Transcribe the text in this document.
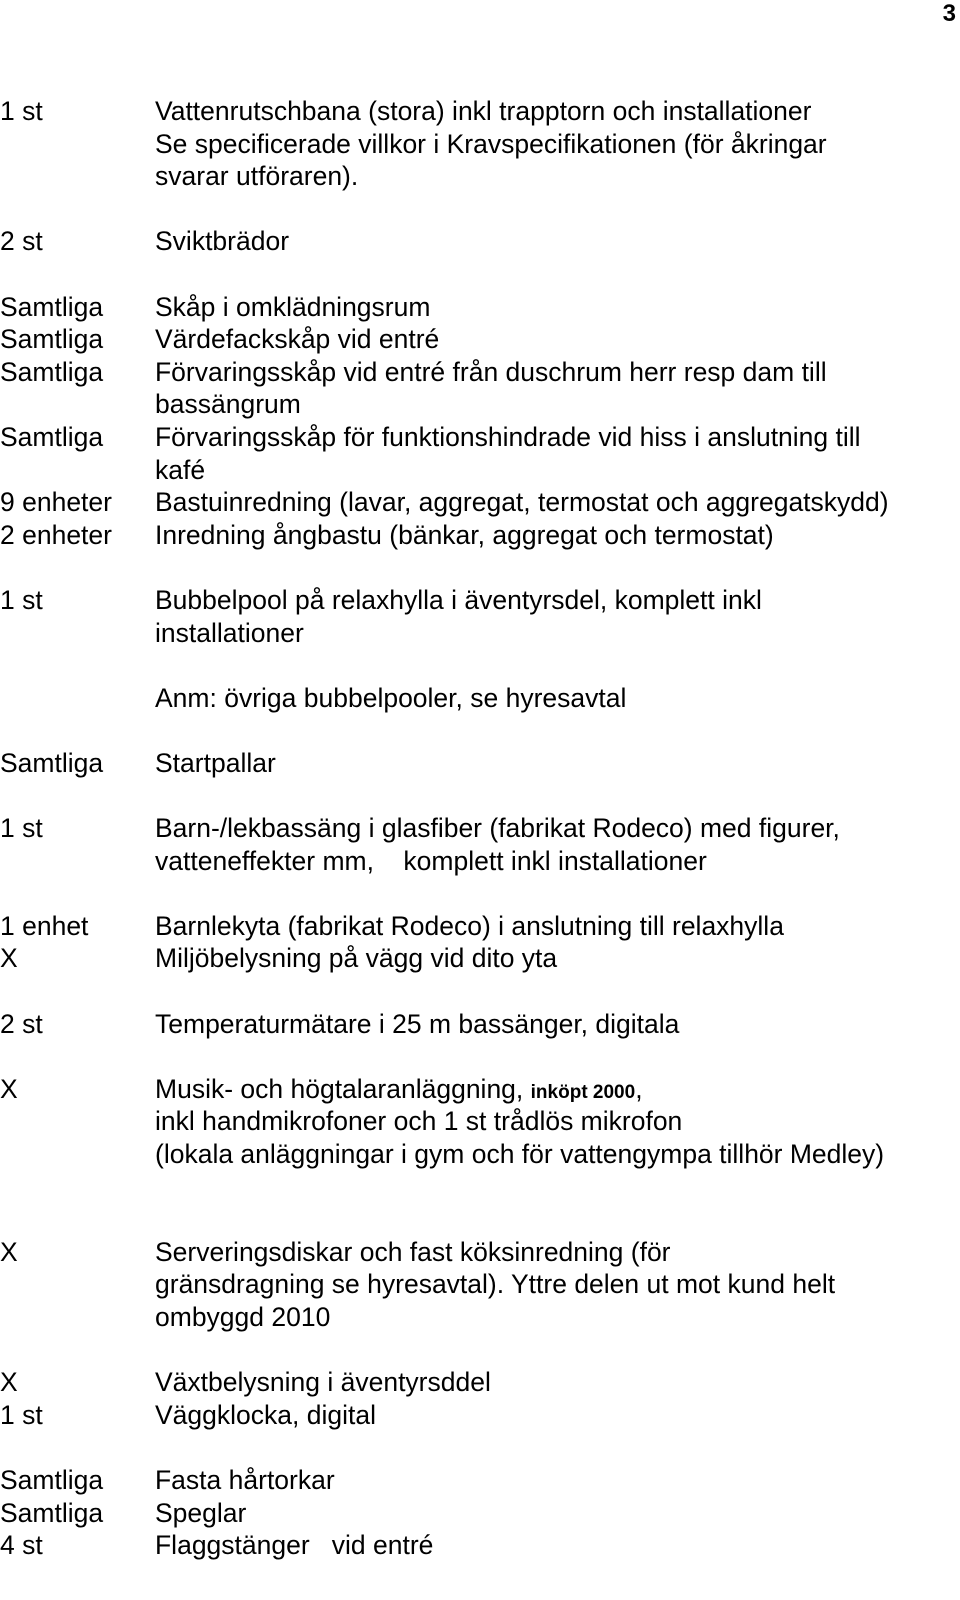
3
1 st	Vattenrutschbana (stora) inkl trapptorn och installationer
Se specificerade villkor i Kravspecifikationen (för åkringar
svarar utföraren).
2 st	Sviktbrädor
Samtliga	Skåp i omklädningsrum
Samtliga	Värdefackskåp vid entré
Samtliga	Förvaringsskåp vid entré från duschrum herr resp dam till
bassängrum
Samtliga	Förvaringsskåp för funktionshindrade vid hiss i anslutning till
kafé
9 enheter	Bastuinredning (lavar, aggregat, termostat och aggregatskydd)
2 enheter	Inredning ångbastu (bänkar, aggregat och termostat)
1 st	Bubbelpool på relaxhylla i äventyrsdel, komplett inkl
installationer
Anm: övriga bubbelpooler, se hyresavtal
Samtliga	Startpallar
1 st	Barn-/lekbassäng i glasfiber (fabrikat Rodeco) med figurer,
vatteneffekter mm,    komplett inkl installationer
1 enhet	Barnlekyta (fabrikat Rodeco) i anslutning till relaxhylla
X	Miljöbelysning på vägg vid dito yta
2 st	Temperaturmätare i 25 m bassänger, digitala
X	Musik- och högtalaranläggning, inköpt 2000,
inkl handmikrofoner och 1 st trådlös mikrofon
(lokala anläggningar i gym och för vattengympa tillhör Medley)
X	Serveringsdiskar och fast köksinredning (för
gränsdragning se hyresavtal). Yttre delen ut mot kund helt
ombyggd 2010
X	Växtbelysning i äventyrsddel
1 st	Väggklocka, digital
Samtliga	Fasta hårtorkar
Samtliga	Speglar
4 st	Flaggstänger   vid entré
